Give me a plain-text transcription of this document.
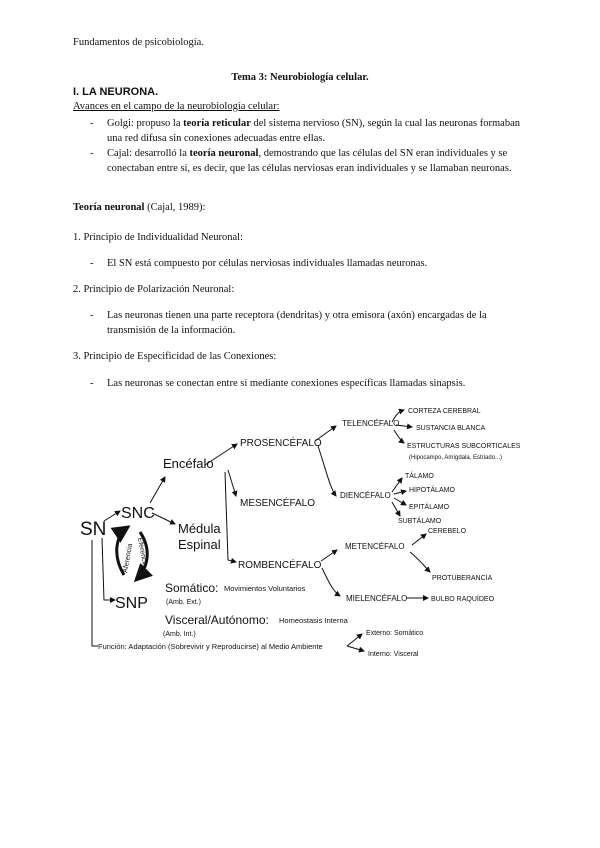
Fundamentos de psicobiología.
Tema 3: Neurobiología celular.
I. LA NEURONA.
Avances en el campo de la neurobiología celular:
- Golgi: propuso la teoría reticular del sistema nervioso (SN), según la cual las neuronas formaban una red difusa sin conexiones adecuadas entre ellas.
- Cajal: desarrolló la teoría neuronal, demostrando que las células del SN eran individuales y se conectaban entre sí, es decir, que las células nerviosas eran individuales y se llamaban neuronas.
Teoría neuronal (Cajal, 1989):
1. Principio de Individualidad Neuronal:
- El SN está compuesto por células nerviosas individuales llamadas neuronas.
2. Principio de Polarización Neuronal:
- Las neuronas tienen una parte receptora (dendritas) y otra emisora (axón) encargadas de la transmisión de la información.
3. Principio de Especificidad de las Conexiones:
- Las neuronas se conectan entre sí mediante conexiones específicas llamadas sinapsis.
SN
SNC
SNP
Aferencia Eferencia
Encéfalo
Médula
Espinal
PROSENCÉFALO
MESENCÉFALO
ROMBENCÉFALO
TELENCÉFALO
DIENCÉFALO
METENCÉFALO
MIELENCÉFALO
CORTEZA CEREBRAL
SUSTANCIA BLANCA
ESTRUCTURAS SUBCORTICALES
(Hipocampo, Amígdala, Estriado...)
TÁLAMO
HIPOTÁLAMO
EPITÁLAMO
SUBTÁLAMO
CEREBELO
PROTUBERANCIA
BULBO RAQUÍDEO
Somático: Movimientos Voluntarios
(Amb. Ext.)
Visceral/Autónomo: Homeostasis Interna
(Amb. Int.)
Función: Adaptación (Sobrevivir y Reproducirse) al Medio Ambiente
Externo: Somático
Interno: Visceral
